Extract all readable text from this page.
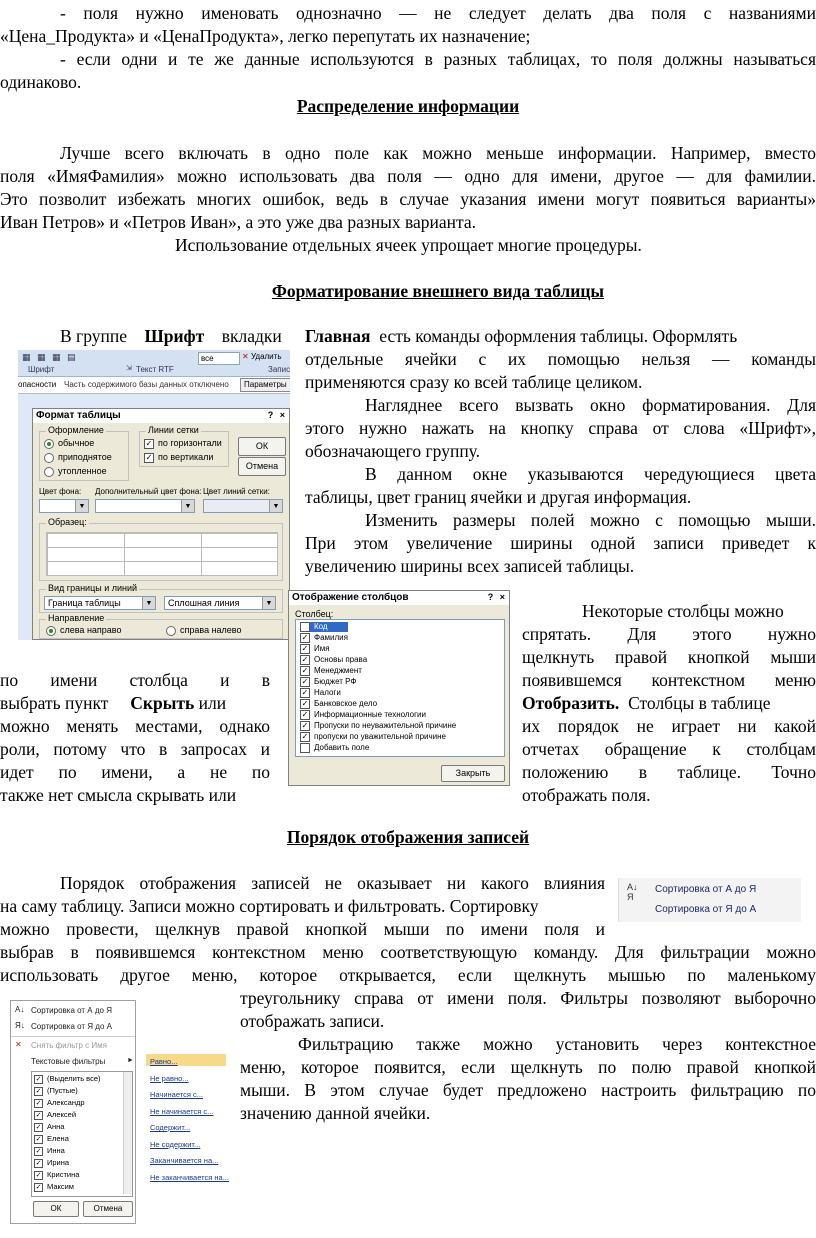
- поля нужно именовать однозначно — не следует делать два поля с названиями

«Цена_Продукта» и «ЦенаПродукта», легко перепутать их назначение;

- если одни и те же данные используются в разных таблицах, то поля должны называться

одинаково.

Распределение информации

Лучше всего включать в одно поле как можно меньше информации. Например, вместо

поля «ИмяФамилия» можно использовать два поля — одно для имени, другое — для фамилии.

Это позволит избежать многих ошибок, ведь в случае указания имени могут появиться варианты»

Иван Петров» и «Петров Иван», а это уже два разных варианта.

Использование отдельных ячеек упрощает многие процедуры.

Форматирование внешнего вида таблицы

В группе Шрифт вкладки Главная есть команды оформления таблицы. Оформлять

отдельные ячейки с их помощью нельзя — команды

применяются сразу ко всей таблице целиком.

Нагляднее всего вызвать окно форматирования. Для

этого нужно нажать на кнопку справа от слова «Шрифт»,

обозначающего группу.

В данном окне указываются чередующиеся цвета

таблицы, цвет границ ячейки и другая информация.

Изменить размеры полей можно с помощью мыши.

При этом увеличение ширины одной записи приведет к

увеличению ширины всех записей таблицы.

Некоторые столбцы можно

спрятать. Для этого нужно

щелкнуть правой кнопкой мыши

появившемся контекстном меню

Отобразить. Столбцы в таблице

их порядок не играет ни какой

отчетах обращение к столбцам

положению в таблице. Точно

отображать поля.

по имени столбца и в

выбрать пункт Скрыть или

можно менять местами, однако

роли, потому что в запросах и

идет по имени, а не по

также нет смысла скрывать или

Порядок отображения записей

Порядок отображения записей не оказывает ни какого влияния

на саму таблицу. Записи можно сортировать и фильтровать. Сортировку

можно провести, щелкнув правой кнопкой мыши по имени поля и

выбрав в появившемся контекстном меню соответствующую команду. Для фильтрации можно

использовать другое меню, которое открывается, если щелкнуть мышью по маленькому

треугольнику справа от имени поля. Фильтры позволяют выборочно

отображать записи.

Фильтрацию также можно установить через контекстное

меню, которое появится, если щелкнуть по полю правой кнопкой

мыши. В этом случае будет предложено настроить фильтрацию по

значению данной ячейки.

▦ ▦ ▦ ▤	все	✕ Удалить
Шрифт	⇲ Текст RTF	Запис
опасности Часть содержимого базы данных отключено	Параметры
Формат таблицы	? ×
Оформление
обычное
приподнятое
утопленное
Линии сетки
✓ по горизонтали
✓ по вертикали
ОК
Отмена
Цвет фона: Дополнительный цвет фона: Цвет линий сетки:
▼	▼	▼
Образец:
Вид границы и линий
Граница таблицы	▼	Сплошная линия	▼
Направление
слева направо	справа налево
Отображение столбцов	? ×
Столбец:
✓ Код
✓ Фамилия
✓ Имя
✓ Основы права
✓ Менеджмент
✓ Бюджет РФ
✓ Налоги
✓ Банковское дело
✓ Информационные технологии
✓ Пропуски по неуважительной причине
✓ пропуски по уважительной причине
Добавить поле
Закрыть
A↓
Я
Сортировка от А до Я
Сортировка от Я до А
A↓ Сортировка от А до Я
Я↓ Сортировка от Я до А
✕ Снять фильтр с Имя
Текстовые фильтры	►
✓ (Выделить все)
✓ (Пустые)
✓ Александр
✓ Алексей
✓ Анна
✓ Елена
✓ Инна
✓ Ирина
✓ Кристина
✓ Максим
ОК	Отмена
Равно...
Не равно...
Начинается с...
Не начинается с...
Содержит...
Не содержит...
Заканчивается на...
Не заканчивается на...
